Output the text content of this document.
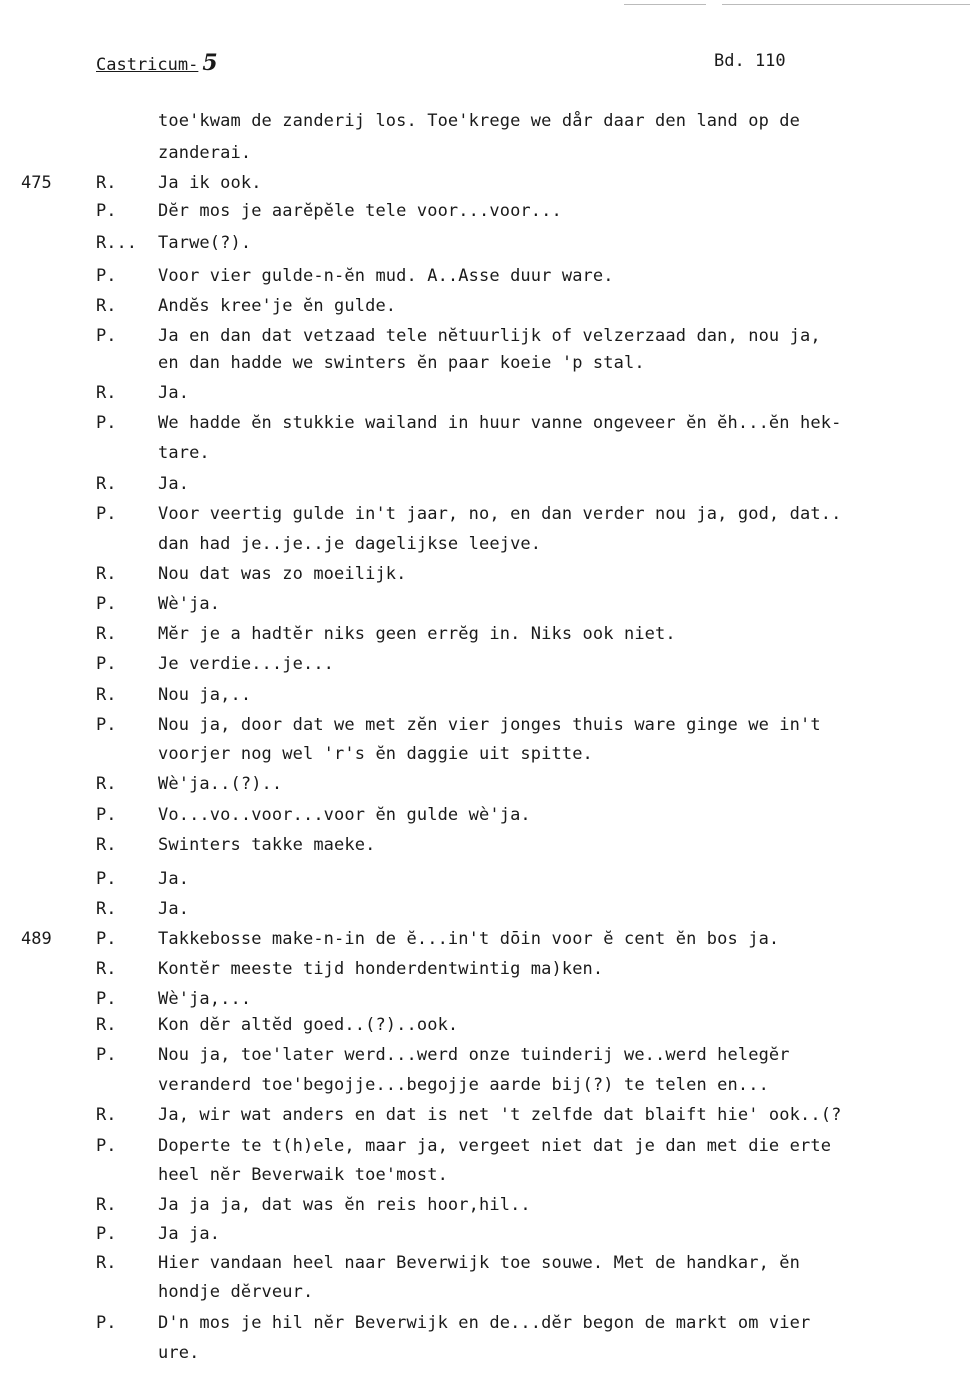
Castricum- 5	Bd. 110
toe'kwam de zanderij los. Toe'krege we dår daar den land op de
zanderai.
475	R. Ja ik ook.
P. Dĕr mos je aarĕpĕle tele voor...voor...
R... Tarwe(?).
P. Voor vier gulde-n-ĕn mud. A..Asse duur ware.
R. Andĕs kree'je ĕn gulde.
P. Ja en dan dat vetzaad tele nĕtuurlijk of velzerzaad dan, nou ja,
en dan hadde we swinters ĕn paar koeie 'p stal.
R. Ja.
P. We hadde ĕn stukkie wailand in huur vanne ongeveer ĕn ĕh...ĕn hek-
tare.
R. Ja.
P. Voor veertig gulde in't jaar, no, en dan verder nou ja, god, dat..
dan had je..je..je dagelijkse leejve.
R. Nou dat was zo moeilijk.
P. Wè'ja.
R. Mĕr je a hadtĕr niks geen errĕg in. Niks ook niet.
P. Je verdie...je...
R. Nou ja,..
P. Nou ja, door dat we met zĕn vier jonges thuis ware ginge we in't
voorjer nog wel 'r's ĕn daggie uit spitte.
R. Wè'ja..(?)..
P. Vo...vo..voor...voor ĕn gulde wè'ja.
R. Swinters takke maeke.
P. Ja.
R. Ja.
489	P. Takkebosse make-n-in de ĕ...in't dōin voor ĕ cent ĕn bos ja.
R. Kontĕr meeste tijd honderdentwintig ma)ken.
P. Wè'ja,...
R. Kon dĕr altĕd goed..(?)..ook.
P. Nou ja, toe'later werd...werd onze tuinderij we..werd helegĕr
veranderd toe'begojje...begojje aarde bij(?) te telen en...
R. Ja, wir wat anders en dat is net 't zelfde dat blaift hie' ook..(?
P. Doperte te t(h)ele, maar ja, vergeet niet dat je dan met die erte
heel nĕr Beverwaik toe'most.
R. Ja ja ja, dat was ĕn reis hoor,hil..
P. Ja ja.
R. Hier vandaan heel naar Beverwijk toe souwe. Met de handkar, ĕn
hondje dĕrveur.
P. D'n mos je hil nĕr Beverwijk en de...dĕr begon de markt om vier
ure.
